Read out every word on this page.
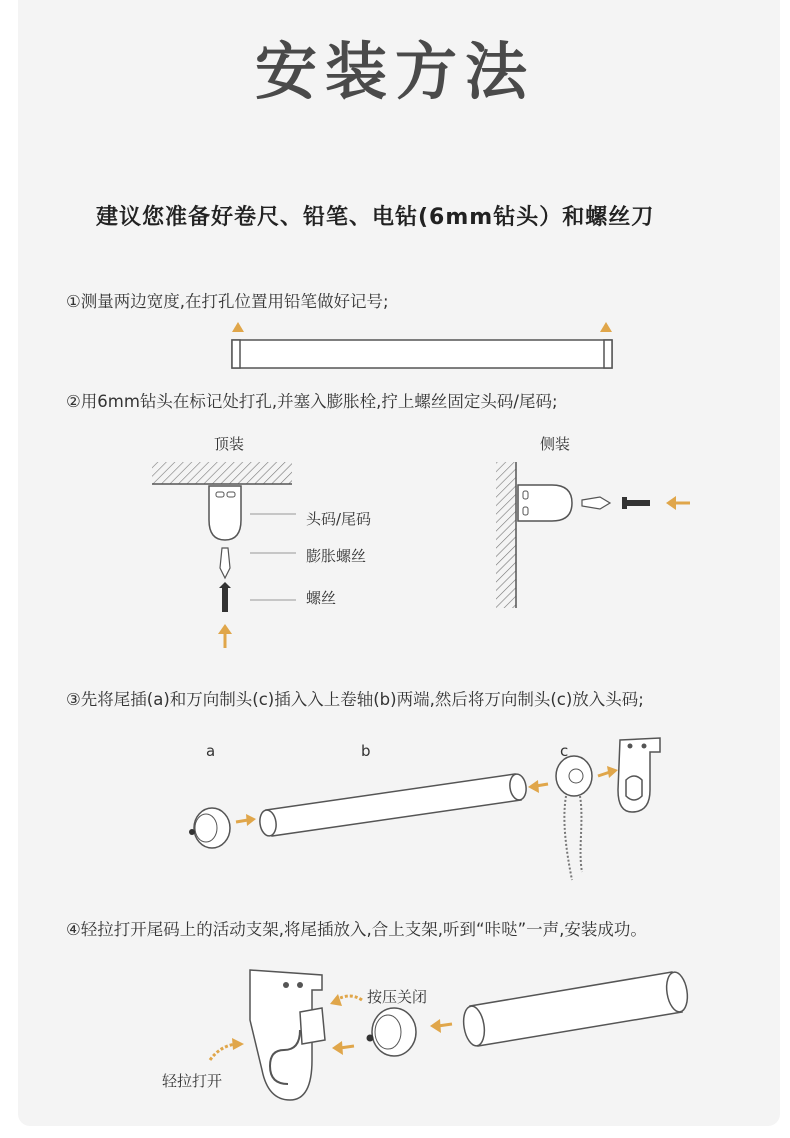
安装方法
建议您准备好卷尺、铅笔、电钻(6mm钻头）和螺丝刀
①测量两边宽度,在打孔位置用铅笔做好记号;
②用6mm钻头在标记处打孔,并塞入膨胀栓,拧上螺丝固定头码/尾码;
③先将尾插(a)和万向制头(c)插入入上卷轴(b)两端,然后将万向制头(c)放入头码;
④轻拉打开尾码上的活动支架,将尾插放入,合上支架,听到“咔哒”一声,安装成功。
顶装	侧装
头码/尾码
膨胀螺丝
螺丝
a	b	c
按压关闭
轻拉打开
